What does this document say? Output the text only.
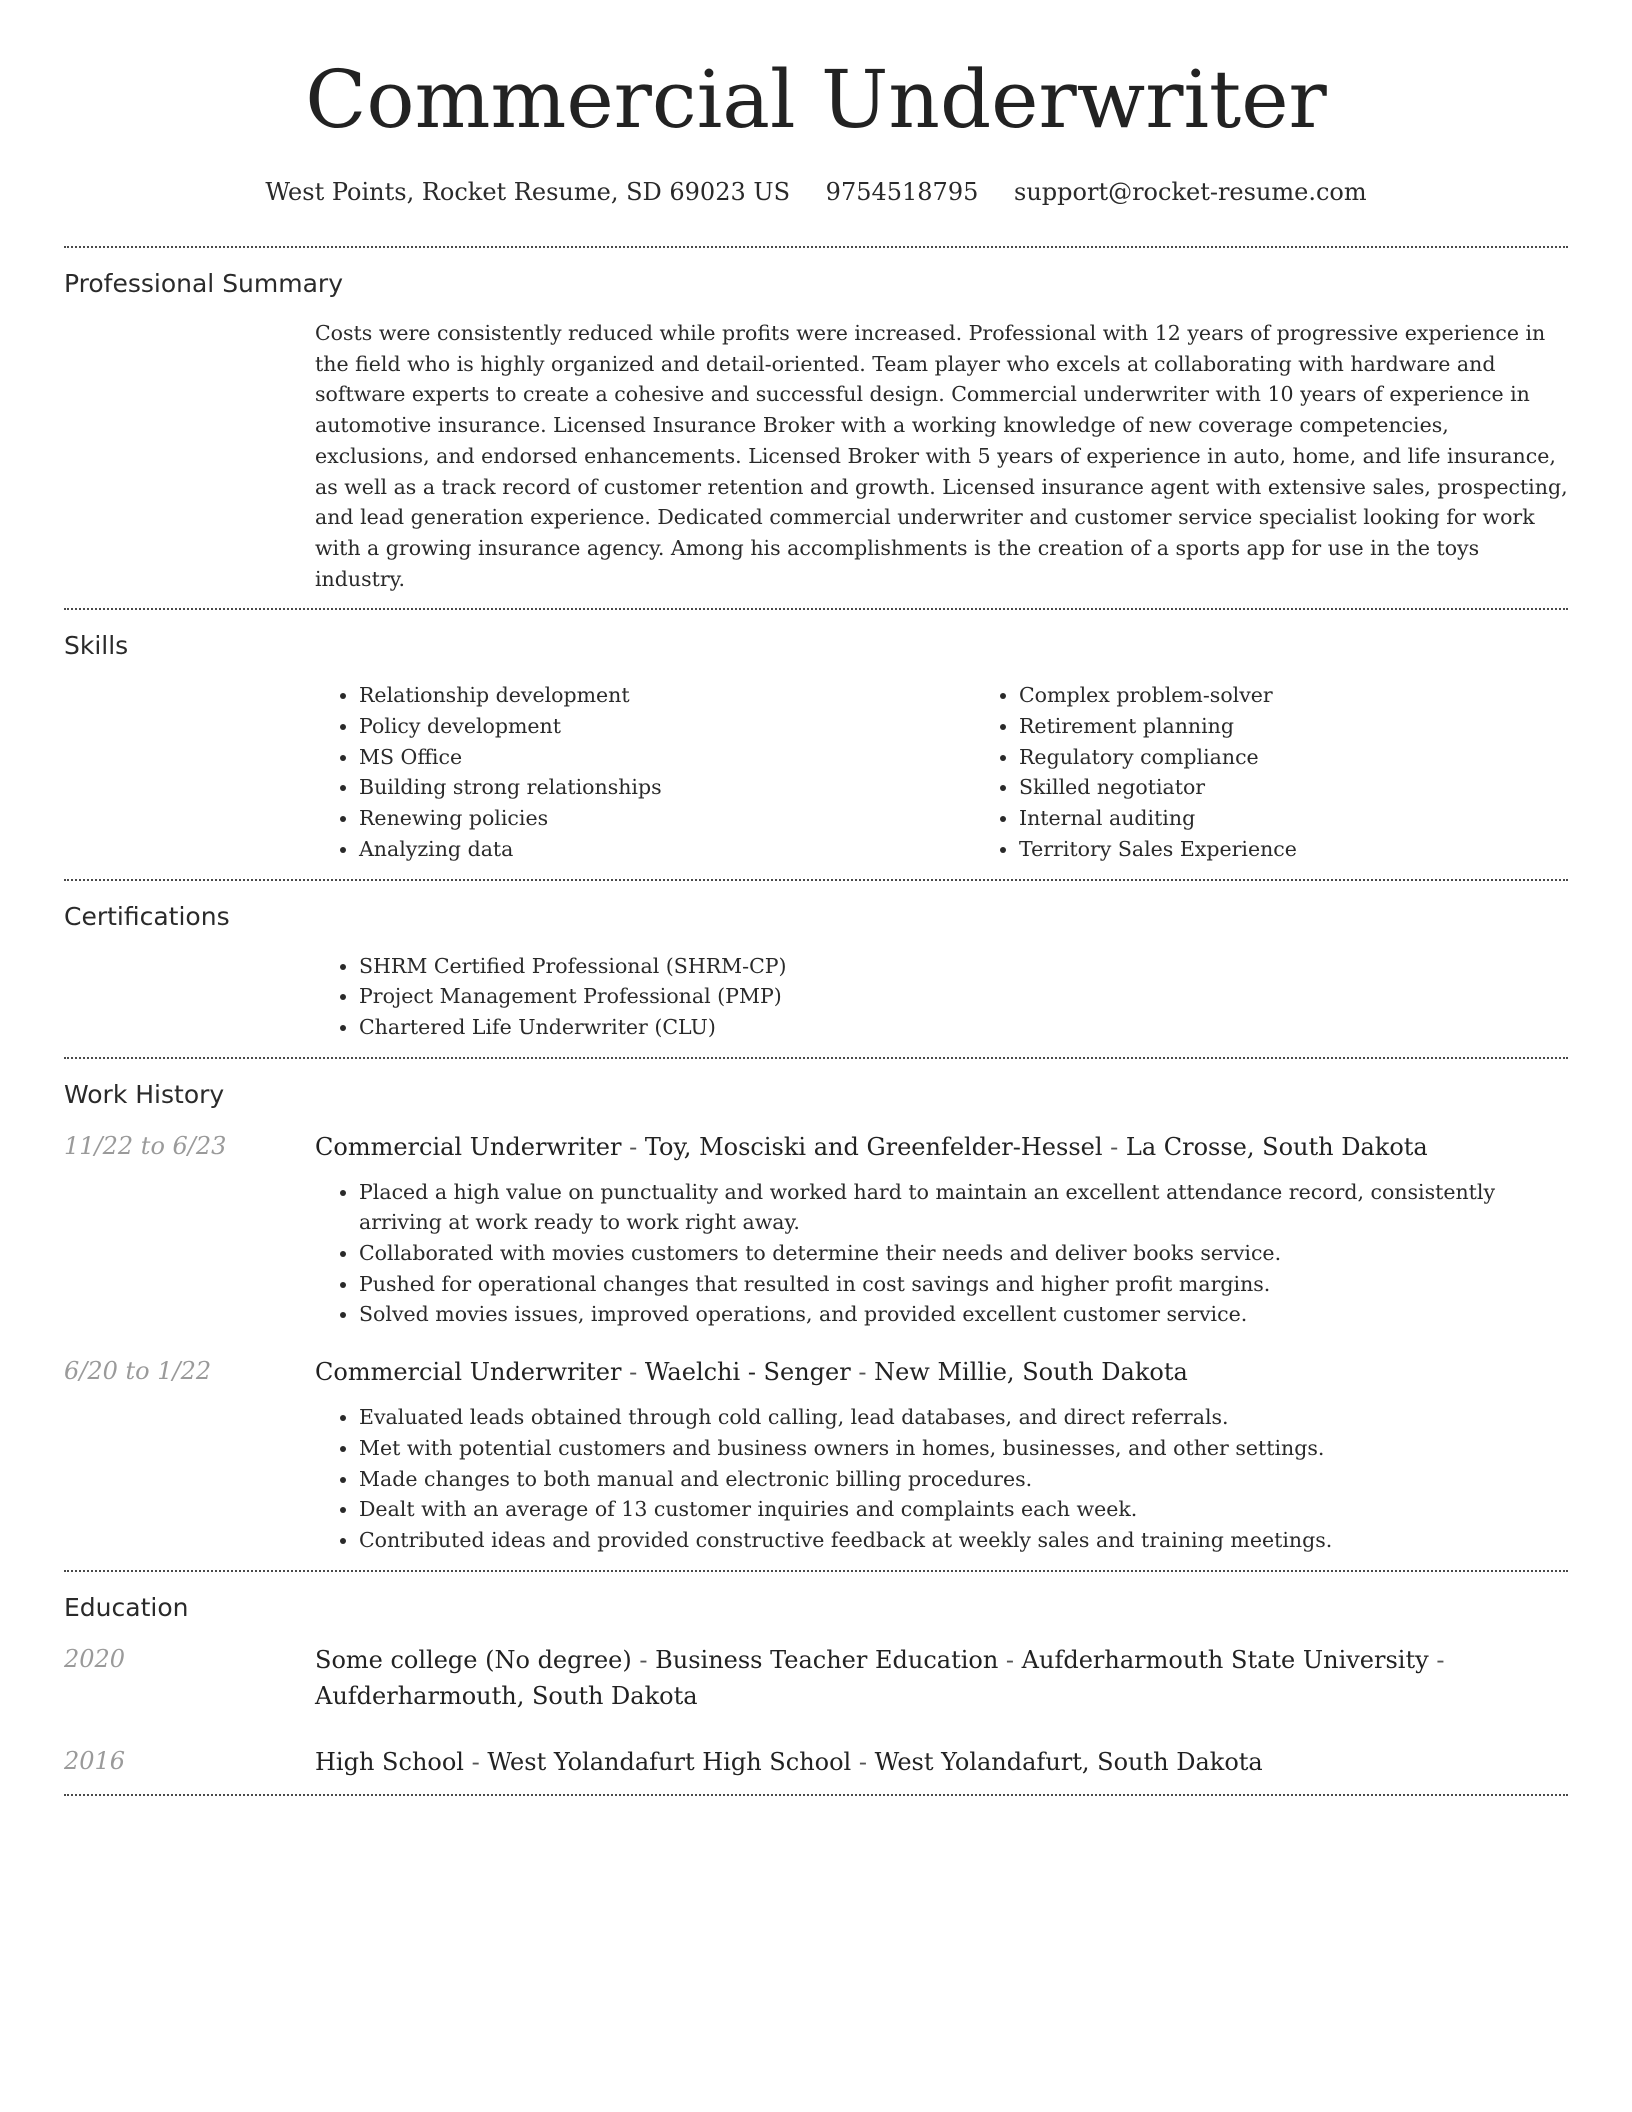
Commercial Underwriter
West Points, Rocket Resume, SD 69023 US 9754518795 support@rocket-resume.com
Professional Summary

Costs were consistently reduced while profits were increased. Professional with 12 years of progressive experience in the field who is highly organized and detail-oriented. Team player who excels at collaborating with hardware and software experts to create a cohesive and successful design. Commercial underwriter with 10 years of experience in automotive insurance. Licensed Insurance Broker with a working knowledge of new coverage competencies, exclusions, and endorsed enhancements. Licensed Broker with 5 years of experience in auto, home, and life insurance, as well as a track record of customer retention and growth. Licensed insurance agent with extensive sales, prospecting, and lead generation experience. Dedicated commercial underwriter and customer service specialist looking for work with a growing insurance agency. Among his accomplishments is the creation of a sports app for use in the toys industry.

Skills
• Relationship development
• Policy development
• MS Office
• Building strong relationships
• Renewing policies
• Analyzing data
• Complex problem-solver
• Retirement planning
• Regulatory compliance
• Skilled negotiator
• Internal auditing
• Territory Sales Experience
Certifications
• SHRM Certified Professional (SHRM-CP)
• Project Management Professional (PMP)
• Chartered Life Underwriter (CLU)
Work History
11/22 to 6/23	Commercial Underwriter - Toy, Mosciski and Greenfelder-Hessel - La Crosse, South Dakota
• Placed a high value on punctuality and worked hard to maintain an excellent attendance record, consistently arriving at work ready to work right away.
• Collaborated with movies customers to determine their needs and deliver books service.
• Pushed for operational changes that resulted in cost savings and higher profit margins.
• Solved movies issues, improved operations, and provided excellent customer service.
6/20 to 1/22	Commercial Underwriter - Waelchi - Senger - New Millie, South Dakota
• Evaluated leads obtained through cold calling, lead databases, and direct referrals.
• Met with potential customers and business owners in homes, businesses, and other settings.
• Made changes to both manual and electronic billing procedures.
• Dealt with an average of 13 customer inquiries and complaints each week.
• Contributed ideas and provided constructive feedback at weekly sales and training meetings.
Education
2020	Some college (No degree) - Business Teacher Education - Aufderharmouth State University - Aufderharmouth, South Dakota
2016	High School - West Yolandafurt High School - West Yolandafurt, South Dakota
